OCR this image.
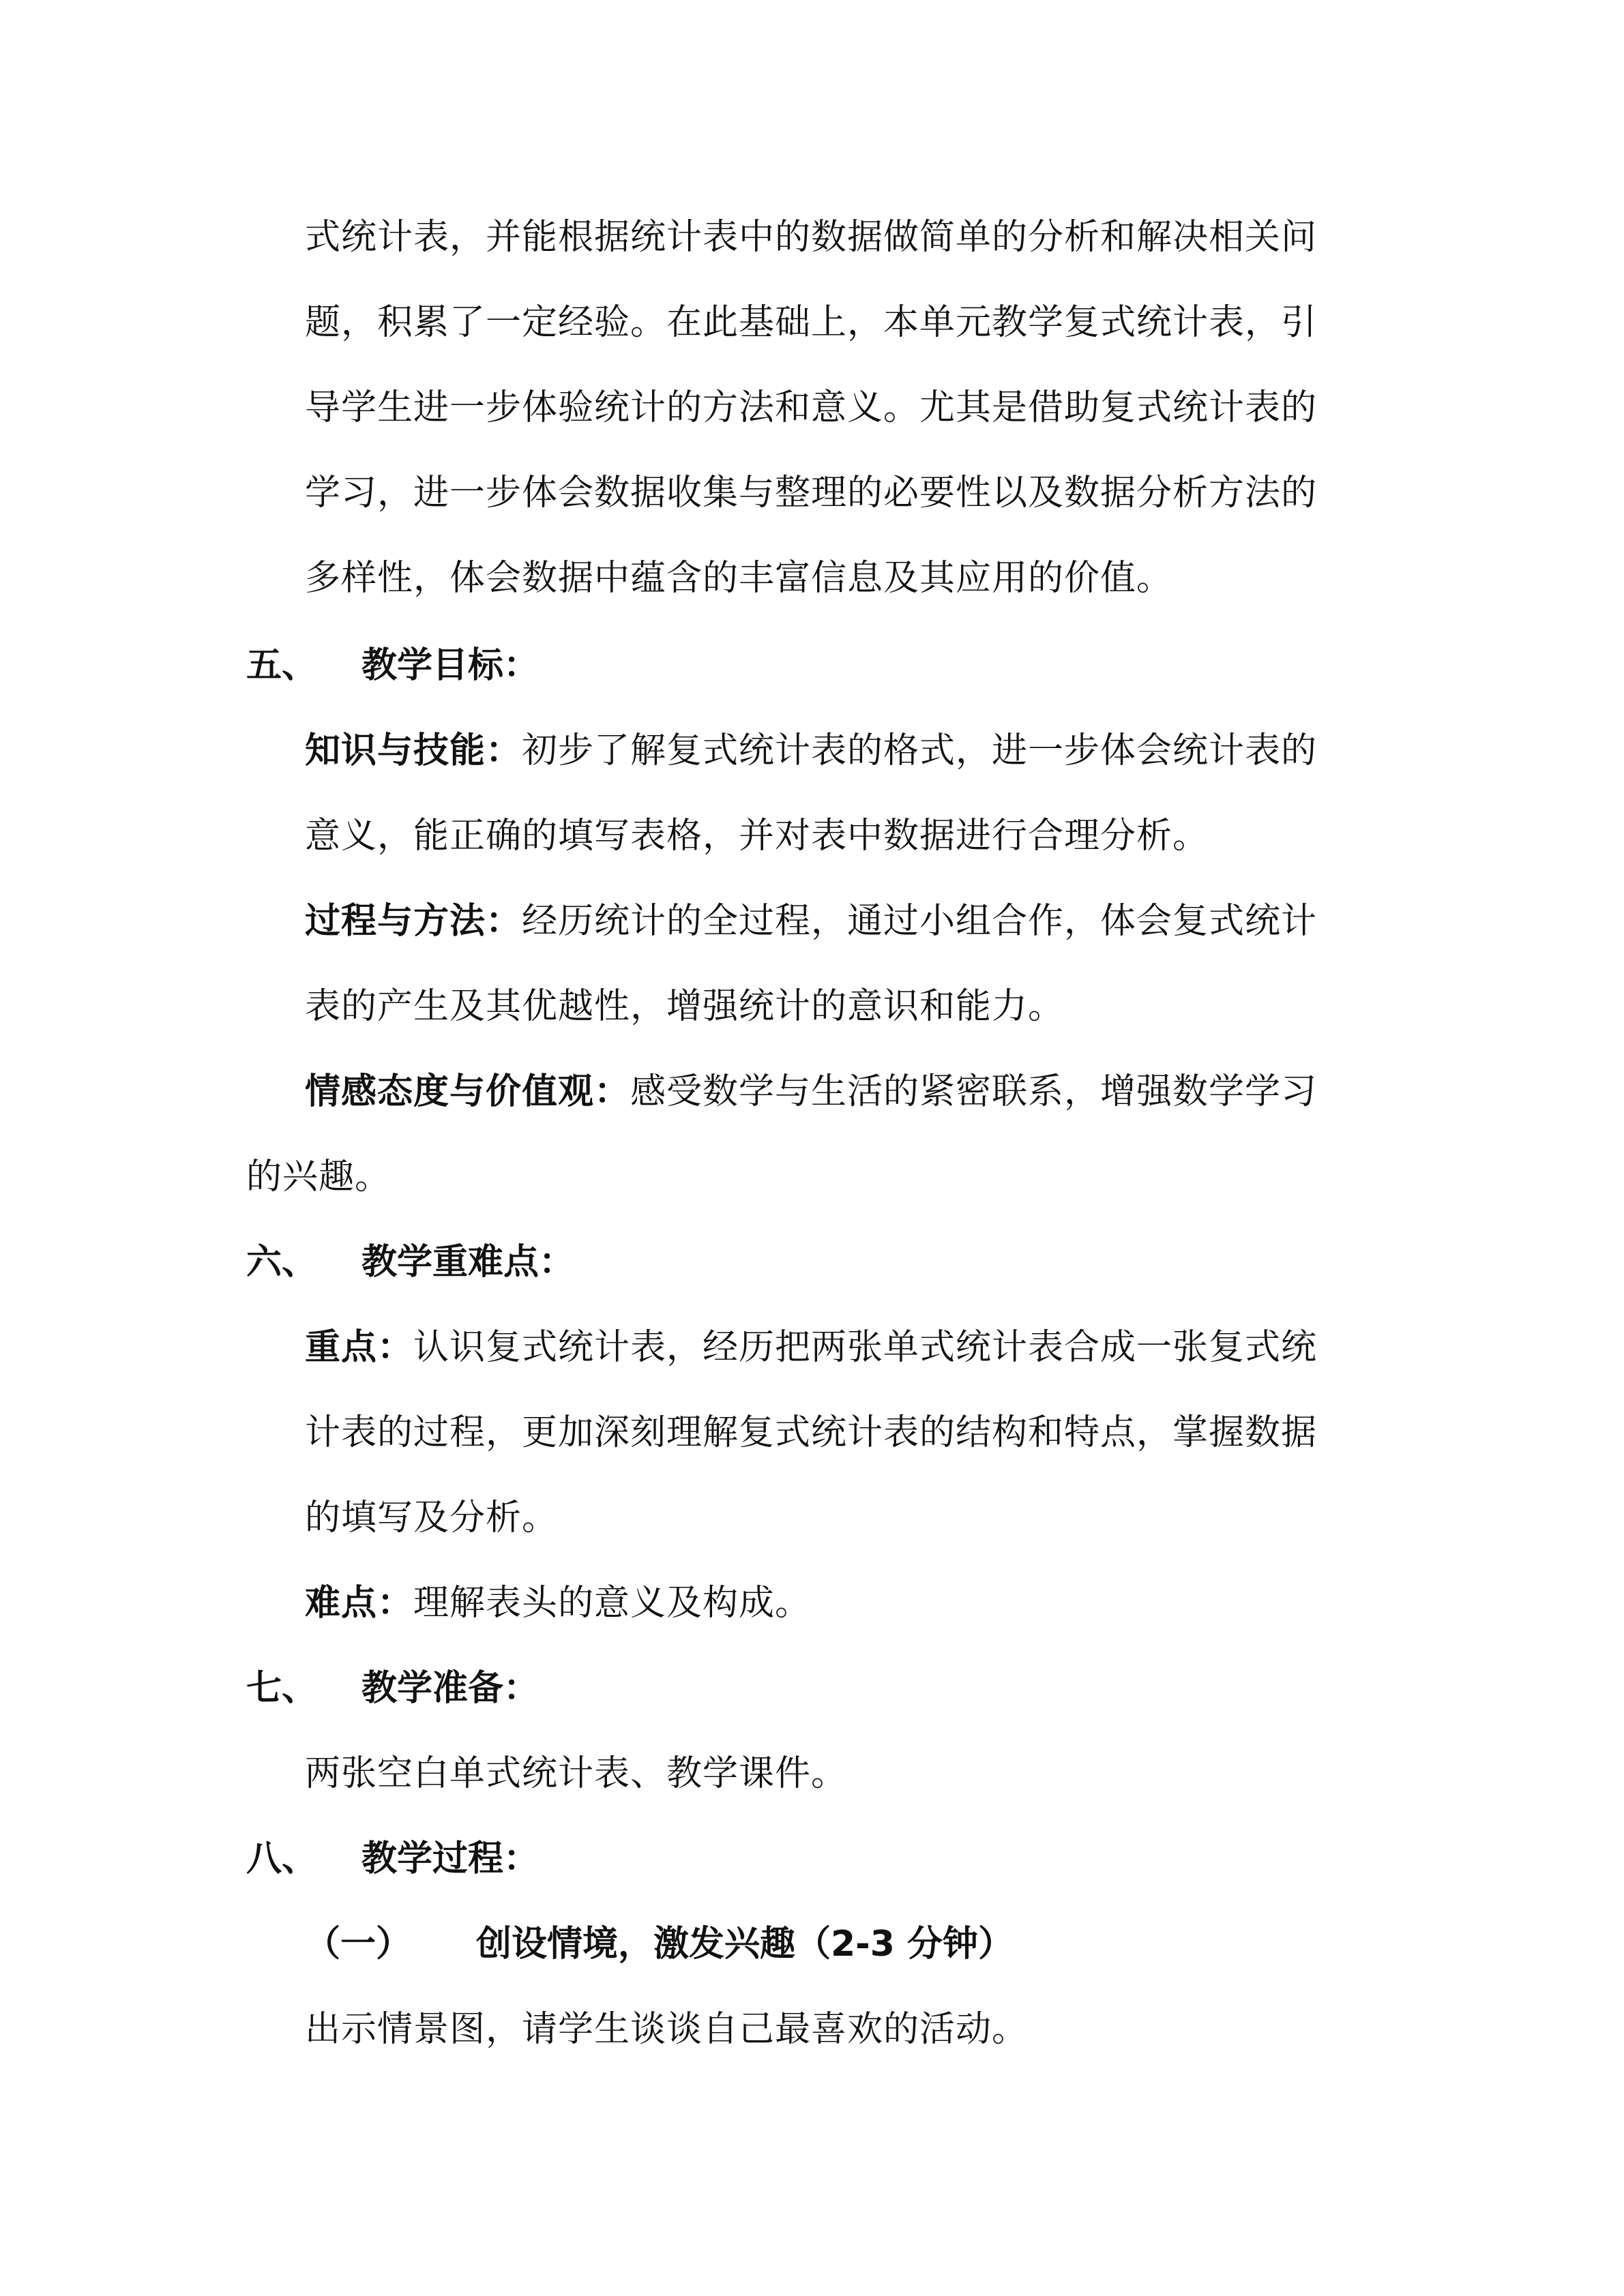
式统计表，并能根据统计表中的数据做简单的分析和解决相关问
题，积累了一定经验。在此基础上，本单元教学复式统计表，引
导学生进一步体验统计的方法和意义。尤其是借助复式统计表的
学习，进一步体会数据收集与整理的必要性以及数据分析方法的
多样性，体会数据中蕴含的丰富信息及其应用的价值。
五、 教学目标：
知识与技能：初步了解复式统计表的格式，进一步体会统计表的
意义，能正确的填写表格，并对表中数据进行合理分析。
过程与方法：经历统计的全过程，通过小组合作，体会复式统计
表的产生及其优越性，增强统计的意识和能力。
情感态度与价值观：感受数学与生活的紧密联系，增强数学学习
的兴趣。
六、 教学重难点：
重点：认识复式统计表，经历把两张单式统计表合成一张复式统
计表的过程，更加深刻理解复式统计表的结构和特点，掌握数据
的填写及分析。
难点：理解表头的意义及构成。
七、 教学准备：
两张空白单式统计表、教学课件。
八、 教学过程：
（一） 创设情境，激发兴趣（2-3 分钟）
出示情景图，请学生谈谈自己最喜欢的活动。
